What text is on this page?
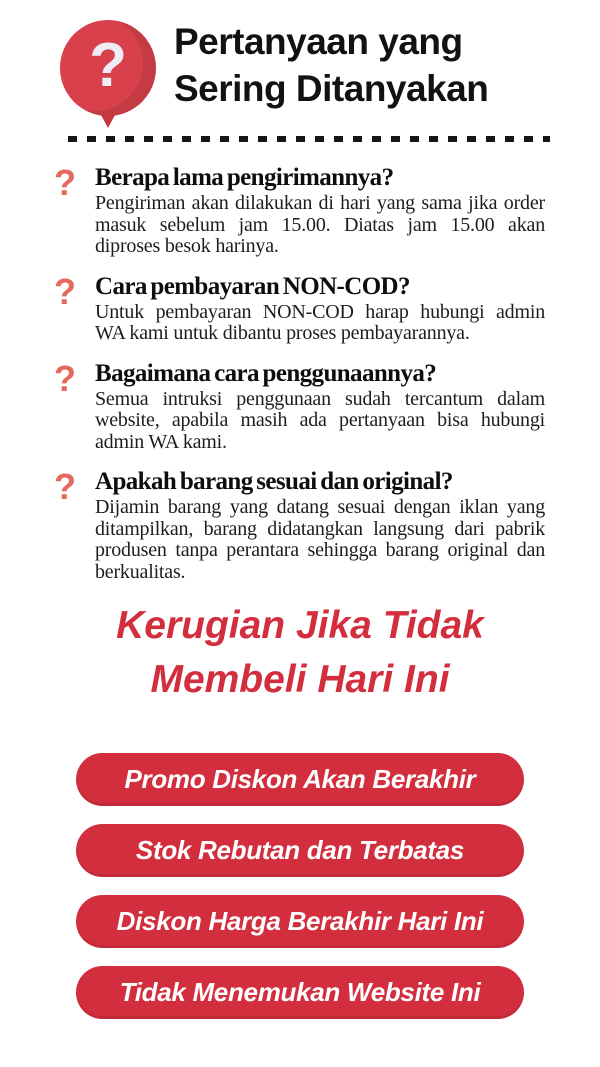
? Pertanyaan yang
Sering Ditanyakan
? Berapa lama pengirimannya?

Pengiriman akan dilakukan di hari yang sama jika order masuk sebelum jam 15.00. Diatas jam 15.00 akan diproses besok harinya.

? Cara pembayaran NON-COD?

Untuk pembayaran NON-COD harap hubungi admin WA kami untuk dibantu proses pembayarannya.

? Bagaimana cara penggunaannya?

Semua intruksi penggunaan sudah tercantum dalam website, apabila masih ada pertanyaan bisa hubungi admin WA kami.

? Apakah barang sesuai dan original?

Dijamin barang yang datang sesuai dengan iklan yang ditampilkan, barang didatangkan langsung dari pabrik produsen tanpa perantara sehingga barang original dan berkualitas.

Kerugian Jika Tidak
Membeli Hari Ini
Promo Diskon Akan Berakhir
Stok Rebutan dan Terbatas
Diskon Harga Berakhir Hari Ini
Tidak Menemukan Website Ini
